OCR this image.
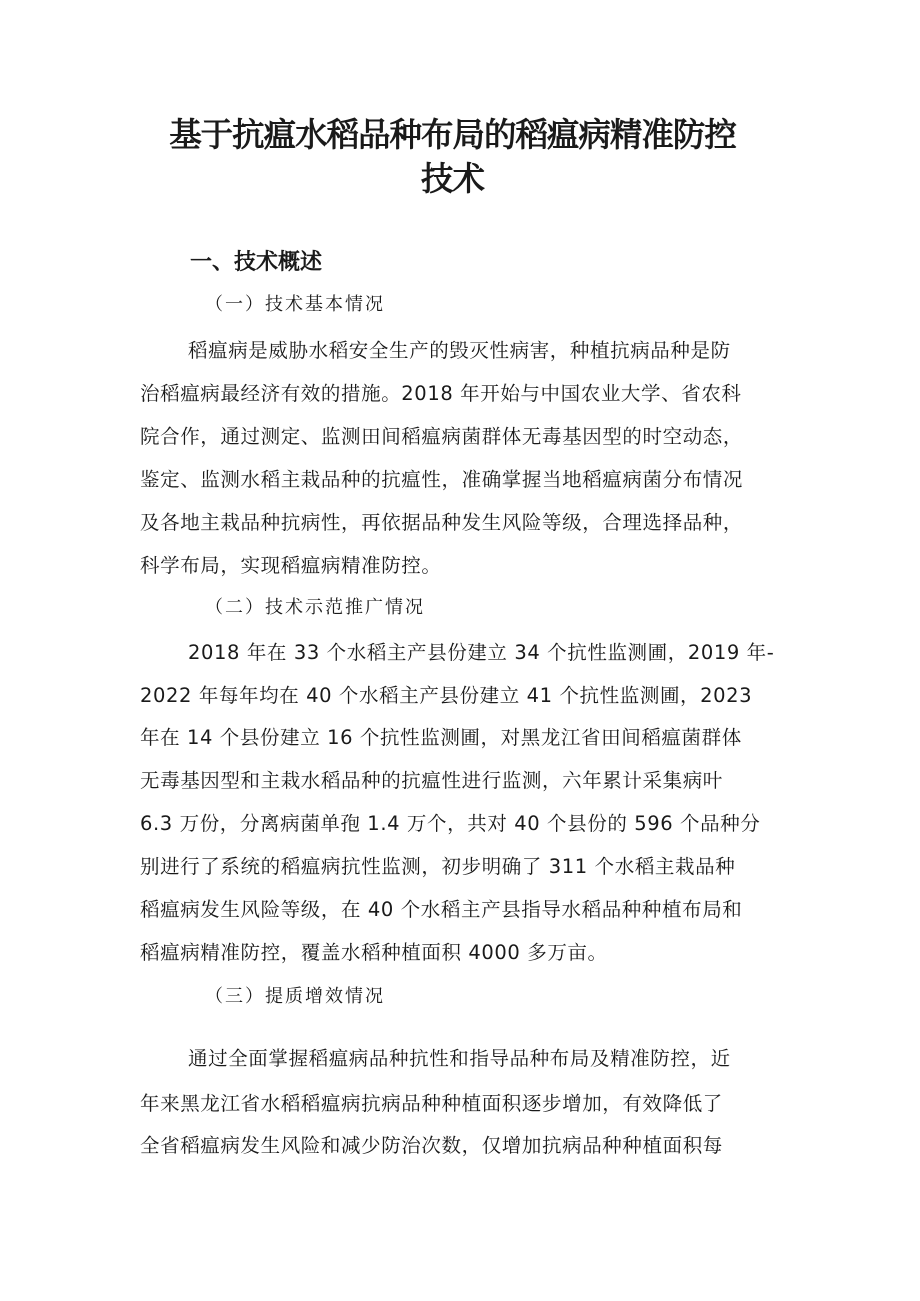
基于抗瘟水稻品种布局的稻瘟病精准防控
技术
一、技术概述
（一）技术基本情况
稻瘟病是威胁水稻安全生产的毁灭性病害，种植抗病品种是防
治稻瘟病最经济有效的措施。2018 年开始与中国农业大学、省农科
院合作，通过测定、监测田间稻瘟病菌群体无毒基因型的时空动态，
鉴定、监测水稻主栽品种的抗瘟性，准确掌握当地稻瘟病菌分布情况
及各地主栽品种抗病性，再依据品种发生风险等级，合理选择品种，
科学布局，实现稻瘟病精准防控。
（二）技术示范推广情况
2018 年在 33 个水稻主产县份建立 34 个抗性监测圃，2019 年-
2022 年每年均在 40 个水稻主产县份建立 41 个抗性监测圃，2023
年在 14 个县份建立 16 个抗性监测圃，对黑龙江省田间稻瘟菌群体
无毒基因型和主栽水稻品种的抗瘟性进行监测，六年累计采集病叶
6.3 万份，分离病菌单孢 1.4 万个，共对 40 个县份的 596 个品种分
别进行了系统的稻瘟病抗性监测，初步明确了 311 个水稻主栽品种
稻瘟病发生风险等级，在 40 个水稻主产县指导水稻品种种植布局和
稻瘟病精准防控，覆盖水稻种植面积 4000 多万亩。
（三）提质增效情况
通过全面掌握稻瘟病品种抗性和指导品种布局及精准防控，近
年来黑龙江省水稻稻瘟病抗病品种种植面积逐步增加，有效降低了
全省稻瘟病发生风险和减少防治次数，仅增加抗病品种种植面积每
